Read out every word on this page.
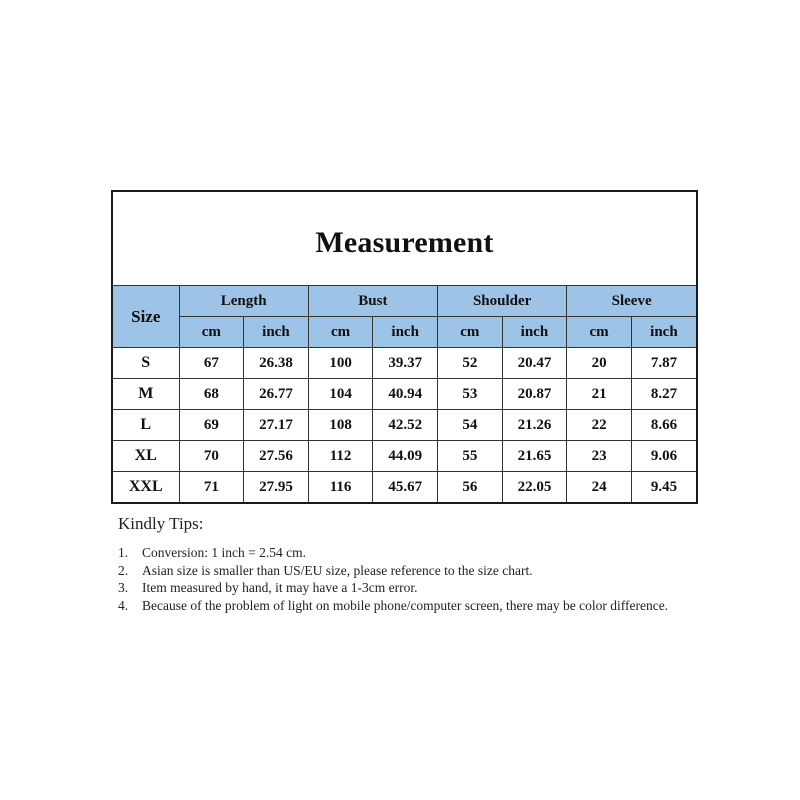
Measurement
Size	Length		Bust		Shoulder		Sleeve	
	cm	inch	cm	inch	cm	inch	cm	inch
S	67	26.38	100	39.37	52	20.47	20	7.87
M	68	26.77	104	40.94	53	20.87	21	8.27
L	69	27.17	108	42.52	54	21.26	22	8.66
XL	70	27.56	112	44.09	55	21.65	23	9.06
XXL	71	27.95	116	45.67	56	22.05	24	9.45
Kindly Tips:
1.	Conversion: 1 inch = 2.54 cm.
2.	Asian size is smaller than US/EU size, please reference to the size chart.
3.	Item measured by hand, it may have a 1-3cm error.
4.	Because of the problem of light on mobile phone/computer screen, there may be color difference.
